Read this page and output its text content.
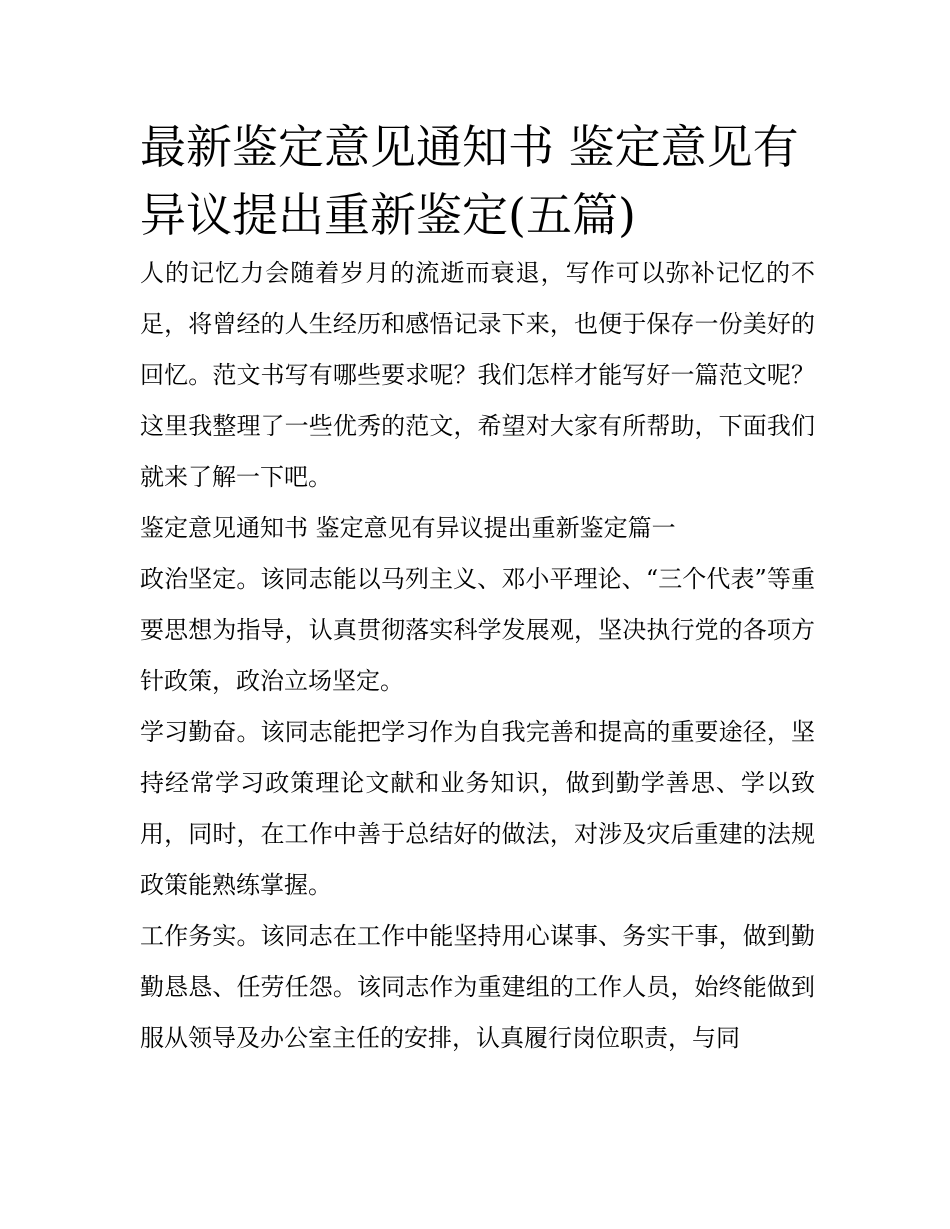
最新鉴定意见通知书 鉴定意见有异议提出重新鉴定(五篇)

人的记忆力会随着岁月的流逝而衰退，写作可以弥补记忆的不足，将曾经的人生经历和感悟记录下来，也便于保存一份美好的回忆。范文书写有哪些要求呢？我们怎样才能写好一篇范文呢？这里我整理了一些优秀的范文，希望对大家有所帮助，下面我们就来了解一下吧。

鉴定意见通知书 鉴定意见有异议提出重新鉴定篇一

政治坚定。该同志能以马列主义、邓小平理论、“三个代表”等重要思想为指导，认真贯彻落实科学发展观，坚决执行党的各项方针政策，政治立场坚定。

学习勤奋。该同志能把学习作为自我完善和提高的重要途径，坚持经常学习政策理论文献和业务知识，做到勤学善思、学以致用，同时，在工作中善于总结好的做法，对涉及灾后重建的法规政策能熟练掌握。

工作务实。该同志在工作中能坚持用心谋事、务实干事，做到勤勤恳恳、任劳任怨。该同志作为重建组的工作人员，始终能做到服从领导及办公室主任的安排，认真履行岗位职责，与同
